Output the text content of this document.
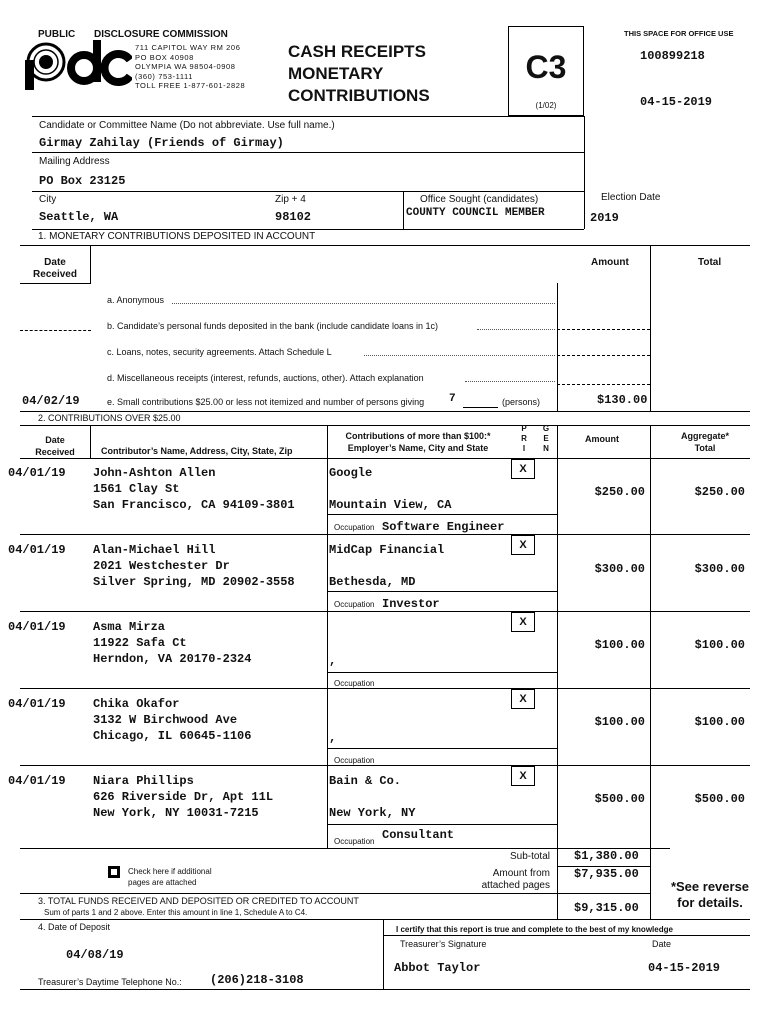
PUBLIC DISCLOSURE COMMISSION
711 CAPITOL WAY RM 206
PO BOX 40908
OLYMPIA WA 98504-0908
(360) 753-1111
TOLL FREE 1-877-601-2828
CASH RECEIPTS
MONETARY
CONTRIBUTIONS
C3
(1/02)
THIS SPACE FOR OFFICE USE
100899218
04-15-2019
Candidate or Committee Name (Do not abbreviate. Use full name.)
Girmay Zahilay (Friends of Girmay)
Mailing Address
PO Box 23125
City
Seattle, WA
Zip + 4
98102
Office Sought (candidates)
COUNTY COUNCIL MEMBER
Election Date
2019
1. MONETARY CONTRIBUTIONS DEPOSITED IN ACCOUNT
Date
Received
Amount	Total
a. Anonymous
b. Candidate’s personal funds deposited in the bank (include candidate loans in 1c)
c. Loans, notes, security agreements. Attach Schedule L
d. Miscellaneous receipts (interest, refunds, auctions, other). Attach explanation
04/02/19	e. Small contributions $25.00 or less not itemized and number of persons giving 7	(persons)	$130.00
2. CONTRIBUTIONS OVER $25.00
Date
Received	Contributor’s Name, Address, City, State, Zip
Contributions of more than $100:*
Employer’s Name, City and State
P
R
I
G
E
N
Amount	Aggregate*
Total
04/01/19 John-Ashton Allen
1561 Clay St
San Francisco, CA 94109-3801
Google
Mountain View, CA
Occupation Software Engineer
X
$250.00	$250.00
04/01/19 Alan-Michael Hill
2021 Westchester Dr
Silver Spring, MD 20902-3558
MidCap Financial
Bethesda, MD
Occupation Investor
X
$300.00	$300.00
04/01/19 Asma Mirza
11922 Safa Ct
Herndon, VA 20170-2324	,
Occupation
X
$100.00	$100.00
04/01/19 Chika Okafor
3132 W Birchwood Ave
Chicago, IL 60645-1106	,
Occupation
X
$100.00	$100.00
04/01/19 Niara Phillips
626 Riverside Dr, Apt 11L
New York, NY 10031-7215
Bain & Co.
New York, NY
Occupation Consultant
X
$500.00	$500.00
Check here if additional
pages are attached
Sub-total $1,380.00
Amount from
attached pages
$7,935.00
*See reverse
for details.
3. TOTAL FUNDS RECEIVED AND DEPOSITED OR CREDITED TO ACCOUNT
Sum of parts 1 and 2 above. Enter this amount in line 1, Schedule A to C4.	$9,315.00
4. Date of Deposit
04/08/19
Treasurer’s Daytime Telephone No.: (206)218-3108
I certify that this report is true and complete to the best of my knowledge
Treasurer’s Signature	Date
Abbot Taylor	04-15-2019
